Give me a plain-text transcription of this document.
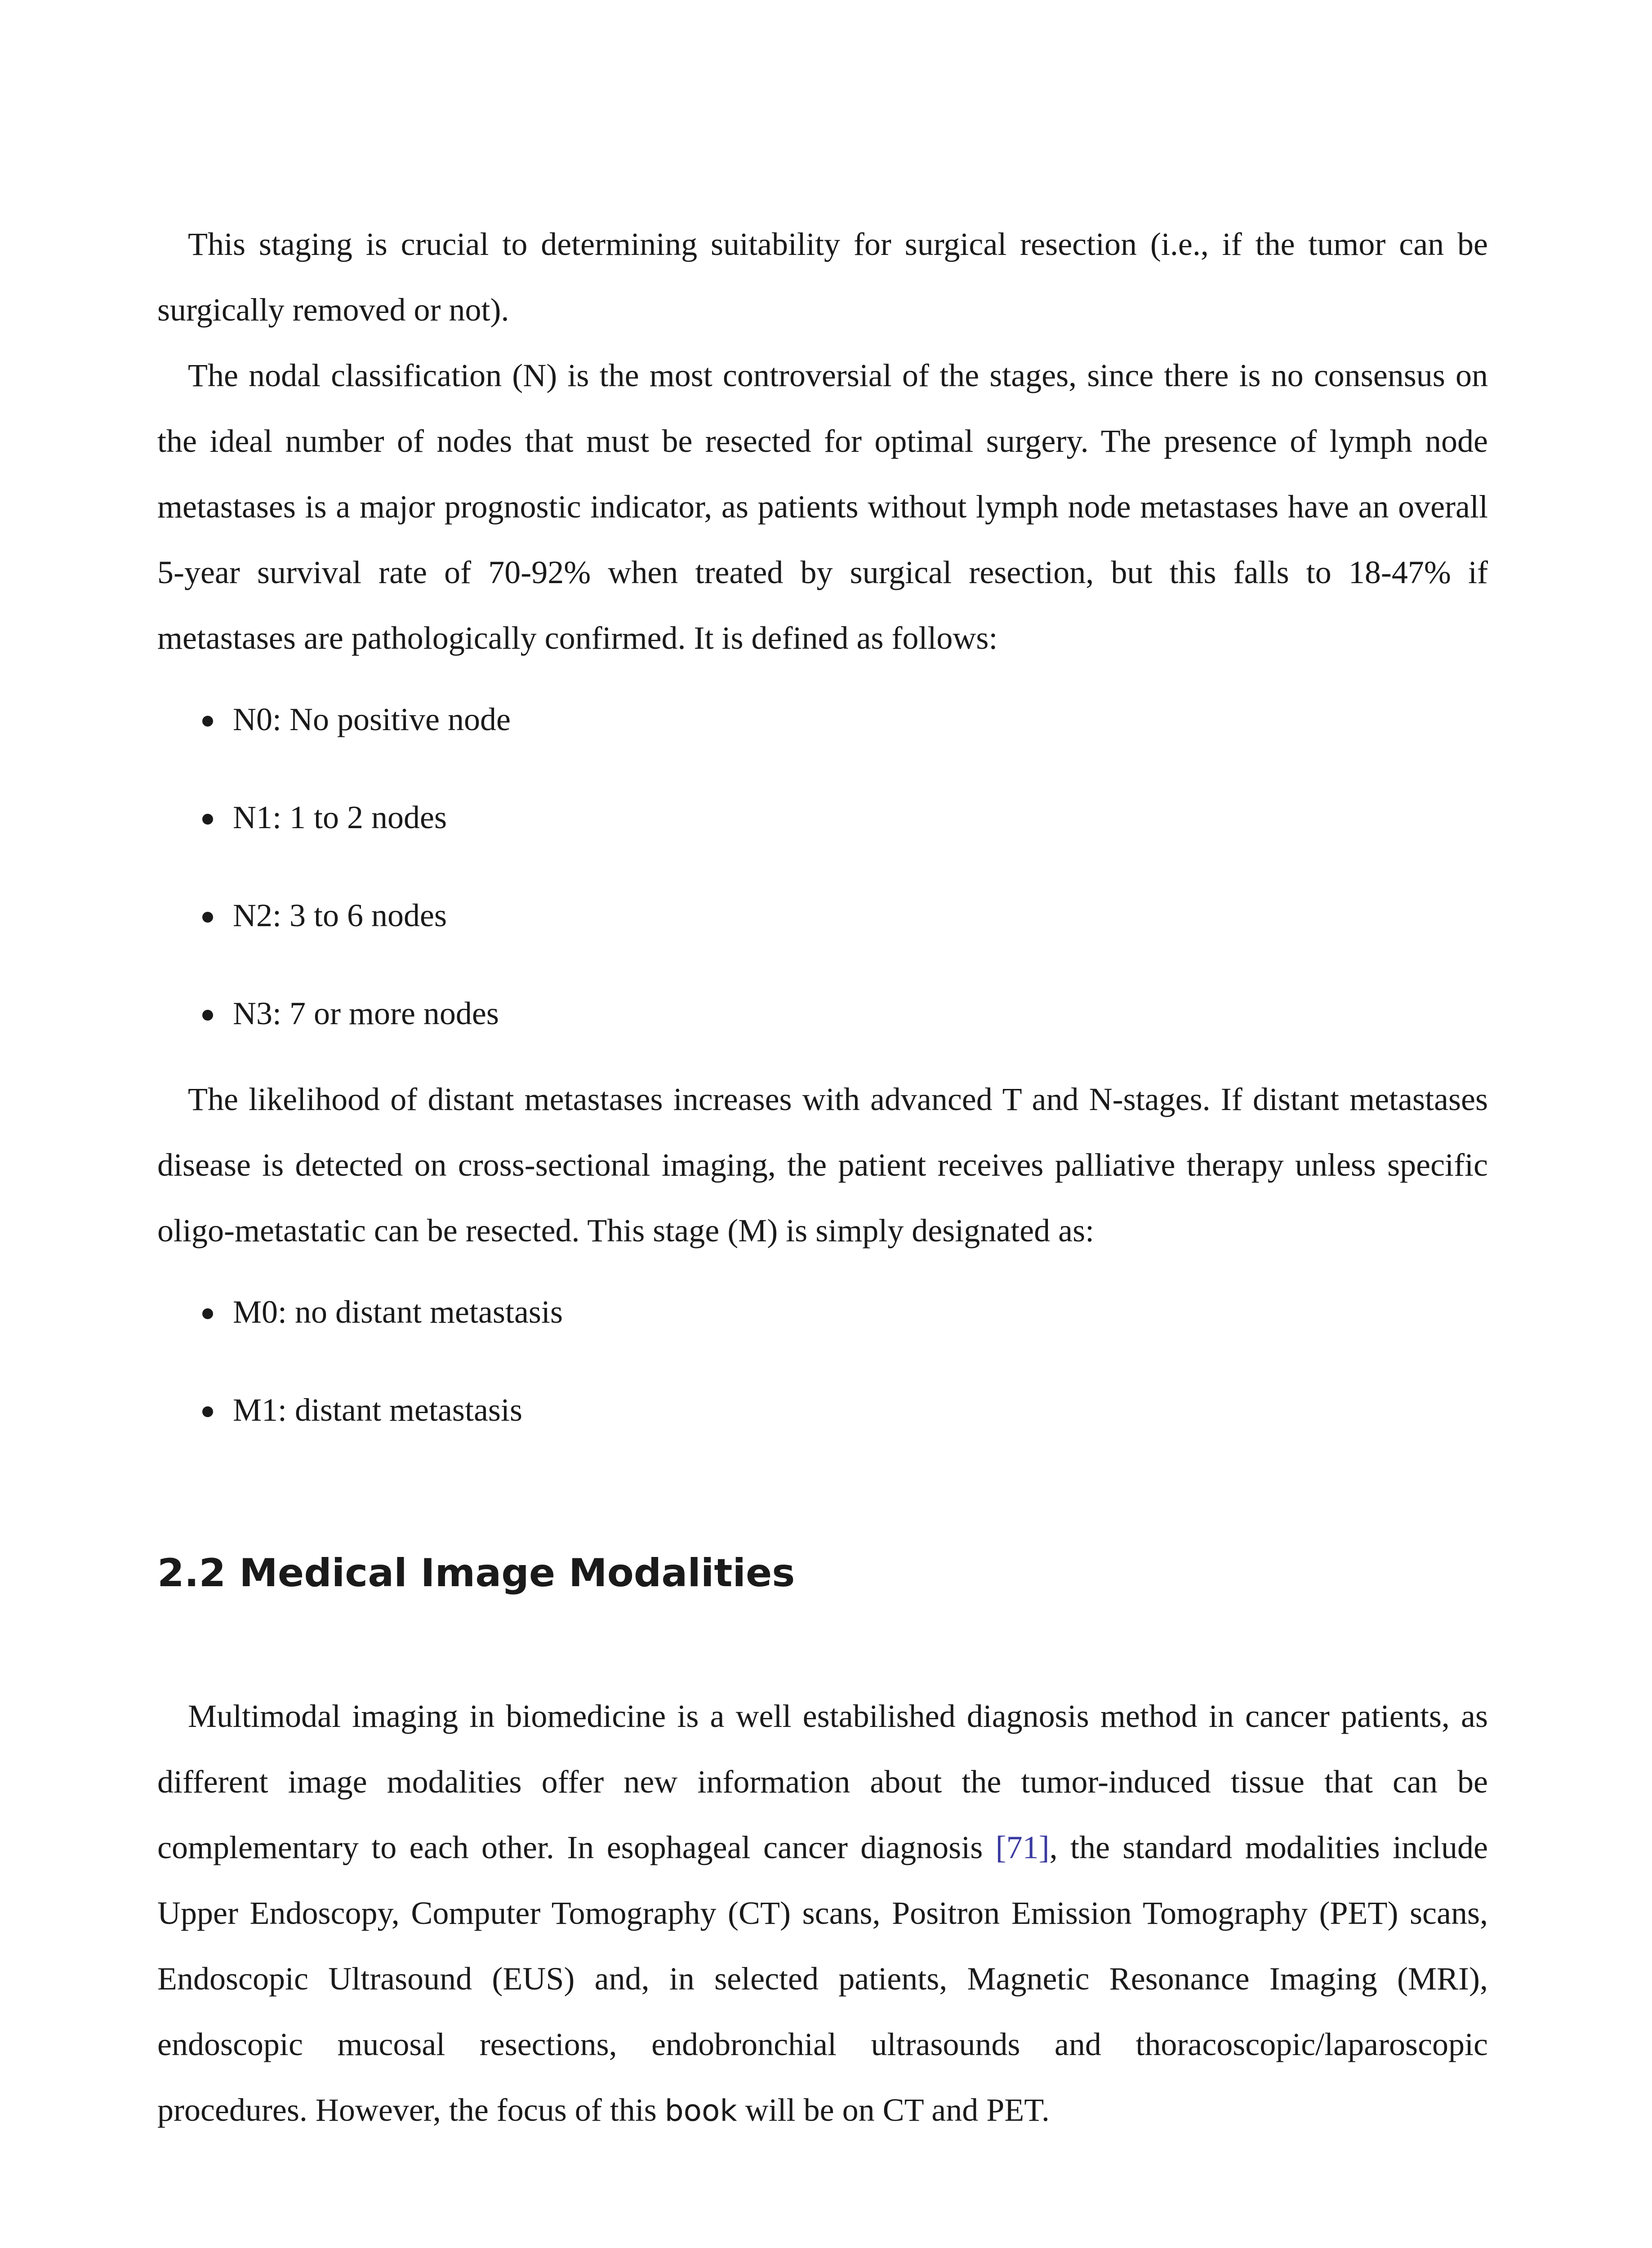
This staging is crucial to determining suitability for surgical resection (i.e., if the tumor can be surgically removed or not).

The nodal classification (N) is the most controversial of the stages, since there is no consensus on the ideal number of nodes that must be resected for optimal surgery. The presence of lymph node metastases is a major prognostic indicator, as patients without lymph node metastases have an overall 5-year survival rate of 70-92% when treated by surgical resection, but this falls to 18-47% if metastases are pathologically confirmed. It is defined as follows:

N0: No positive node
N1: 1 to 2 nodes
N2: 3 to 6 nodes
N3: 7 or more nodes

The likelihood of distant metastases increases with advanced T and N-stages. If distant metastases disease is detected on cross-sectional imaging, the patient receives palliative therapy unless specific oligo-metastatic can be resected. This stage (M) is simply designated as:

M0: no distant metastasis
M1: distant metastasis
2.2 Medical Image Modalities

Multimodal imaging in biomedicine is a well estabilished diagnosis method in cancer patients, as different image modalities offer new information about the tumor-induced tissue that can be complementary to each other. In esophageal cancer diagnosis [71], the standard modalities include Upper Endoscopy, Computer Tomography (CT) scans, Positron Emission Tomography (PET) scans, Endoscopic Ultrasound (EUS) and, in selected patients, Magnetic Resonance Imaging (MRI), endoscopic mucosal resections, endobronchial ultrasounds and thoracoscopic/laparoscopic procedures. However, the focus of this book will be on CT and PET.
